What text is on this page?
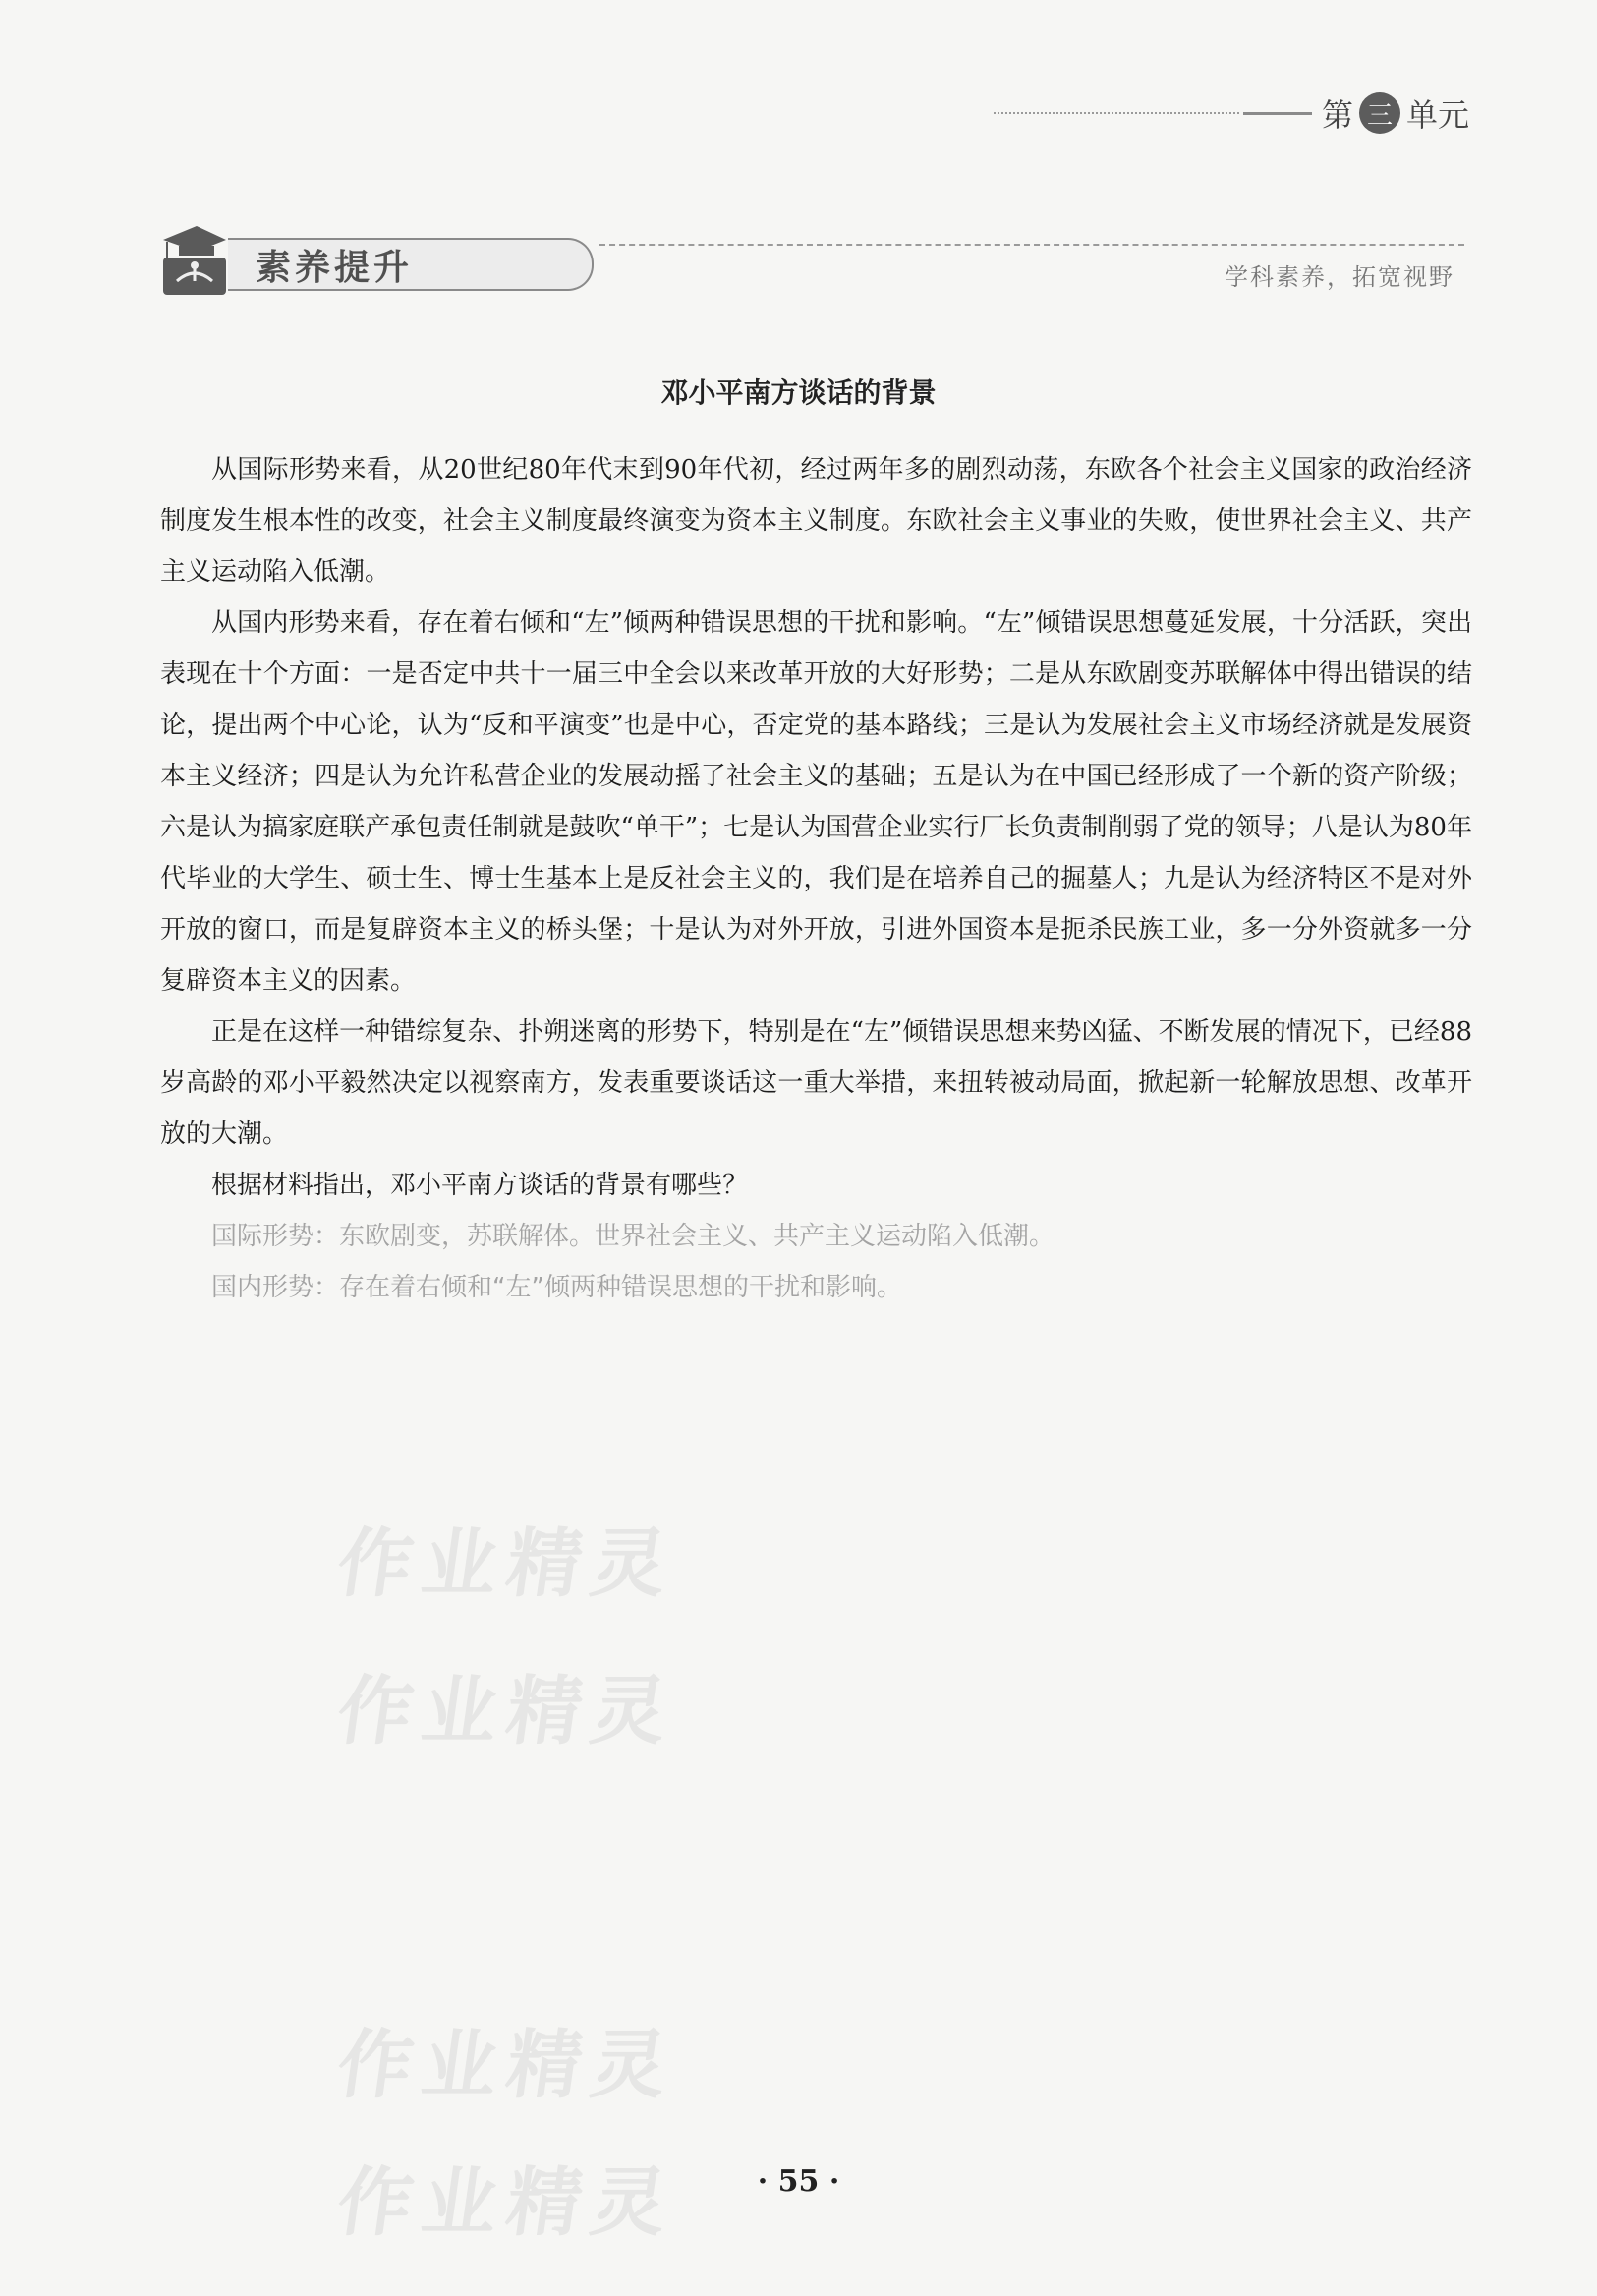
第 三 单元
素养提升	学科素养，拓宽视野
邓小平南方谈话的背景

从国际形势来看，从20世纪80年代末到90年代初，经过两年多的剧烈动荡，东欧各个社会主义国家的政治经济制度发生根本性的改变，社会主义制度最终演变为资本主义制度。东欧社会主义事业的失败，使世界社会主义、共产主义运动陷入低潮。

从国内形势来看，存在着右倾和“左”倾两种错误思想的干扰和影响。“左”倾错误思想蔓延发展，十分活跃，突出表现在十个方面：一是否定中共十一届三中全会以来改革开放的大好形势；二是从东欧剧变苏联解体中得出错误的结论，提出两个中心论，认为“反和平演变”也是中心，否定党的基本路线；三是认为发展社会主义市场经济就是发展资本主义经济；四是认为允许私营企业的发展动摇了社会主义的基础；五是认为在中国已经形成了一个新的资产阶级；六是认为搞家庭联产承包责任制就是鼓吹“单干”；七是认为国营企业实行厂长负责制削弱了党的领导；八是认为80年代毕业的大学生、硕士生、博士生基本上是反社会主义的，我们是在培养自己的掘墓人；九是认为经济特区不是对外开放的窗口，而是复辟资本主义的桥头堡；十是认为对外开放，引进外国资本是扼杀民族工业，多一分外资就多一分复辟资本主义的因素。

正是在这样一种错综复杂、扑朔迷离的形势下，特别是在“左”倾错误思想来势凶猛、不断发展的情况下，已经88岁高龄的邓小平毅然决定以视察南方，发表重要谈话这一重大举措，来扭转被动局面，掀起新一轮解放思想、改革开放的大潮。

根据材料指出，邓小平南方谈话的背景有哪些？
国际形势：东欧剧变，苏联解体。世界社会主义、共产主义运动陷入低潮。
国内形势：存在着右倾和“左”倾两种错误思想的干扰和影响。
作业精灵
作业精灵
作业精灵
作业精灵	· 55 ·
